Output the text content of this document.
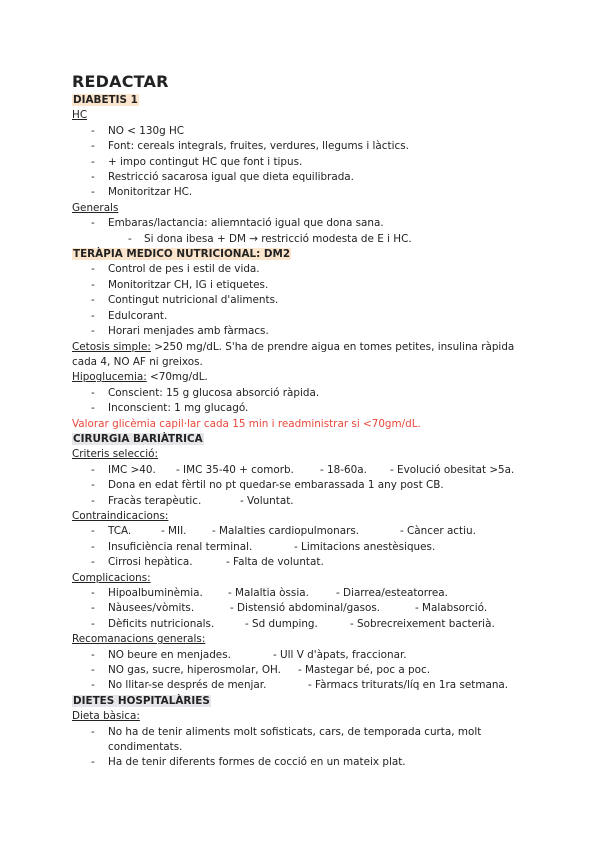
REDACTAR
DIABETIS 1
HC
- NO < 130g HC
- Font: cereals integrals, fruites, verdures, llegums i làctics.
- + impo contingut HC que font i tipus.
- Restricció sacarosa igual que dieta equilibrada.
- Monitoritzar HC.
Generals
- Embaras/lactancia: aliemntació igual que dona sana.
- Si dona ibesa + DM → restricció modesta de E i HC.
TERÀPIA MEDICO NUTRICIONAL: DM2
- Control de pes i estil de vida.
- Monitoritzar CH, IG i etiquetes.
- Contingut nutricional d'aliments.
- Edulcorant.
- Horari menjades amb fàrmacs.
Cetosis simple: >250 mg/dL. S'ha de prendre aigua en tomes petites, insulina ràpida cada 4, NO AF ni greixos.
Hipoglucemia: <70mg/dL.
- Conscient: 15 g glucosa absorció ràpida.
- Inconscient: 1 mg glucagó.
Valorar glicèmia capil·lar cada 15 min i readministrar si <70gm/dL.
CIRURGIA BARIÀTRICA
Criteris selecció:
- IMC >40. - IMC 35-40 + comorb.	- 18-60a. - Evolució obesitat >5a.

- Dona en edat fèrtil no pt quedar-se embarassada 1 any post CB.
- Fracàs terapèutic.	- Voluntat.

Contraindicacions:
- TCA.	- MII. - Malalties cardiopulmonars.	- Càncer actiu.

- Insuficiència renal terminal.	- Limitacions anestèsiques.

- Cirrosi hepàtica.	- Falta de voluntat.

Complicacions:
- Hipoalbuminèmia. - Malaltia òssia.	- Diarrea/esteatorrea.

- Nàusees/vòmits.	- Distensió abdominal/gasos.	- Malabsorció.

- Dèficits nutricionals.	- Sd dumping.	- Sobrecreixement bacterià.

Recomanacions generals:
- NO beure en menjades.	- Ull V d'àpats, fraccionar.

- NO gas, sucre, hiperosmolar, OH. - Mastegar bé, poc a poc.

- No llitar-se després de menjar.	- Fàrmacs triturats/líq en 1ra setmana.

DIETES HOSPITALÀRIES
Dieta bàsica:
- No ha de tenir aliments molt sofisticats, cars, de temporada curta, molt condimentats.
- Ha de tenir diferents formes de cocció en un mateix plat.
